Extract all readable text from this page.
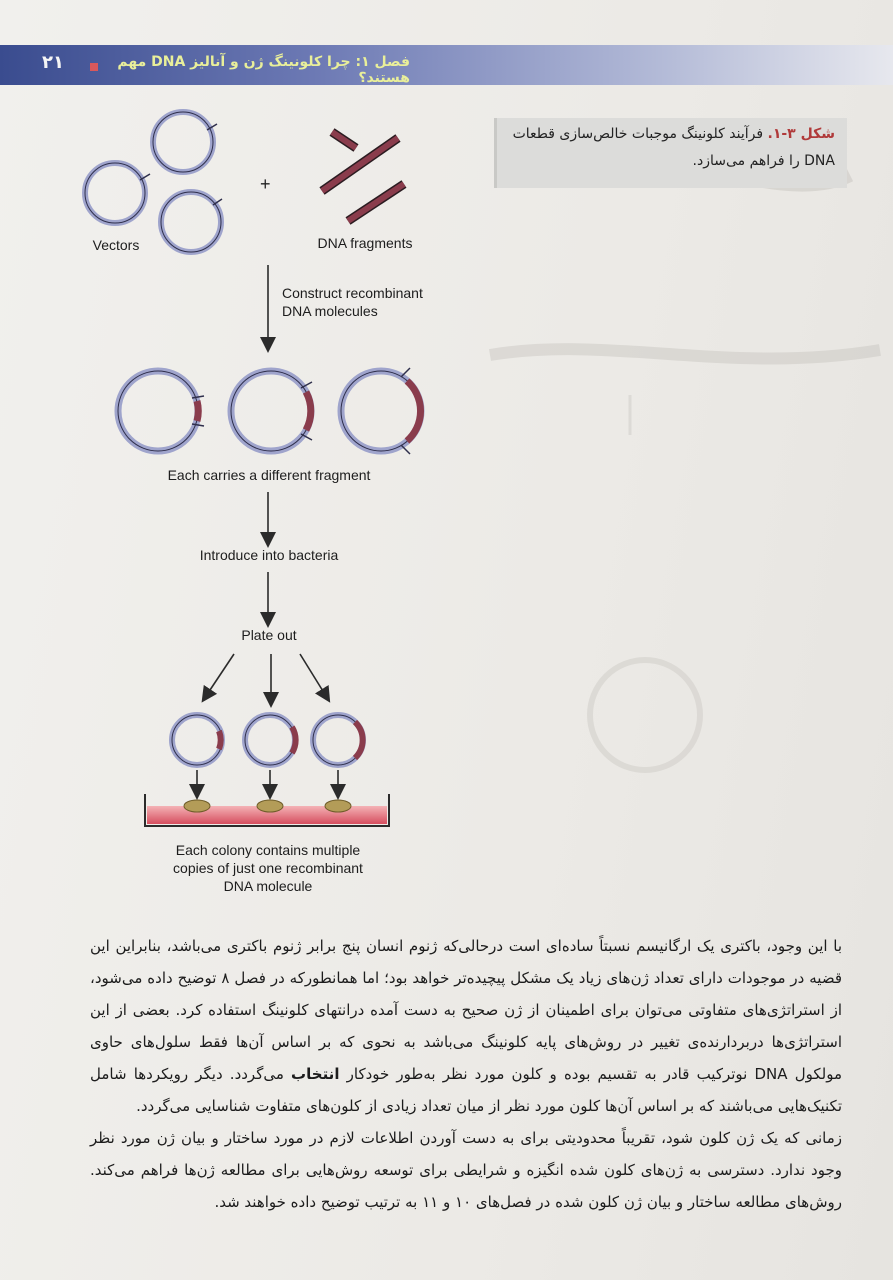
۲۱	فصل ۱: چرا کلونینگ ژن و آنالیز DNA مهم هستند؟
شکل ۳-۱. فرآیند کلونینگ موجبات خالص‌سازی قطعات DNA را فراهم می‌سازد.
+
Vectors	DNA fragments
Construct recombinant
DNA molecules
Each carries a different fragment
Introduce into bacteria
Plate out
Each colony contains multiple
copies of just one recombinant
DNA molecule

با این وجود، باکتری یک ارگانیسم نسبتاً ساده‌ای است درحالی‌که ژنوم انسان پنج برابر ژنوم باکتری می‌باشد، بنابراین این قضیه در موجودات دارای تعداد ژن‌های زیاد یک مشکل پیچیده‌تر خواهد بود؛ اما همانطورکه در فصل ۸ توضیح داده می‌شود، از استراتژی‌های متفاوتی می‌توان برای اطمینان از ژن صحیح به دست آمده درانتهای کلونینگ استفاده کرد. بعضی از این استراتژی‌ها دربردارنده‌ی تغییر در روش‌های پایه کلونینگ می‌باشد به نحوی که بر اساس آن‌ها فقط سلول‌های حاوی مولکول DNA نوترکیب قادر به تقسیم بوده و کلون مورد نظر به‌طور خودکار انتخاب می‌گردد. دیگر رویکردها شامل تکنیک‌هایی می‌باشند که بر اساس آن‌ها کلون مورد نظر از میان تعداد زیادی از کلون‌های متفاوت شناسایی می‌گردد.

زمانی که یک ژن کلون شود، تقریباً محدودیتی برای به دست آوردن اطلاعات لازم در مورد ساختار و بیان ژن مورد نظر وجود ندارد. دسترسی به ژن‌های کلون شده انگیزه و شرایطی برای توسعه روش‌هایی برای مطالعه ژن‌ها فراهم می‌کند. روش‌های مطالعه ساختار و بیان ژن کلون شده در فصل‌های ۱۰ و ۱۱ به ترتیب توضیح داده خواهند شد.
